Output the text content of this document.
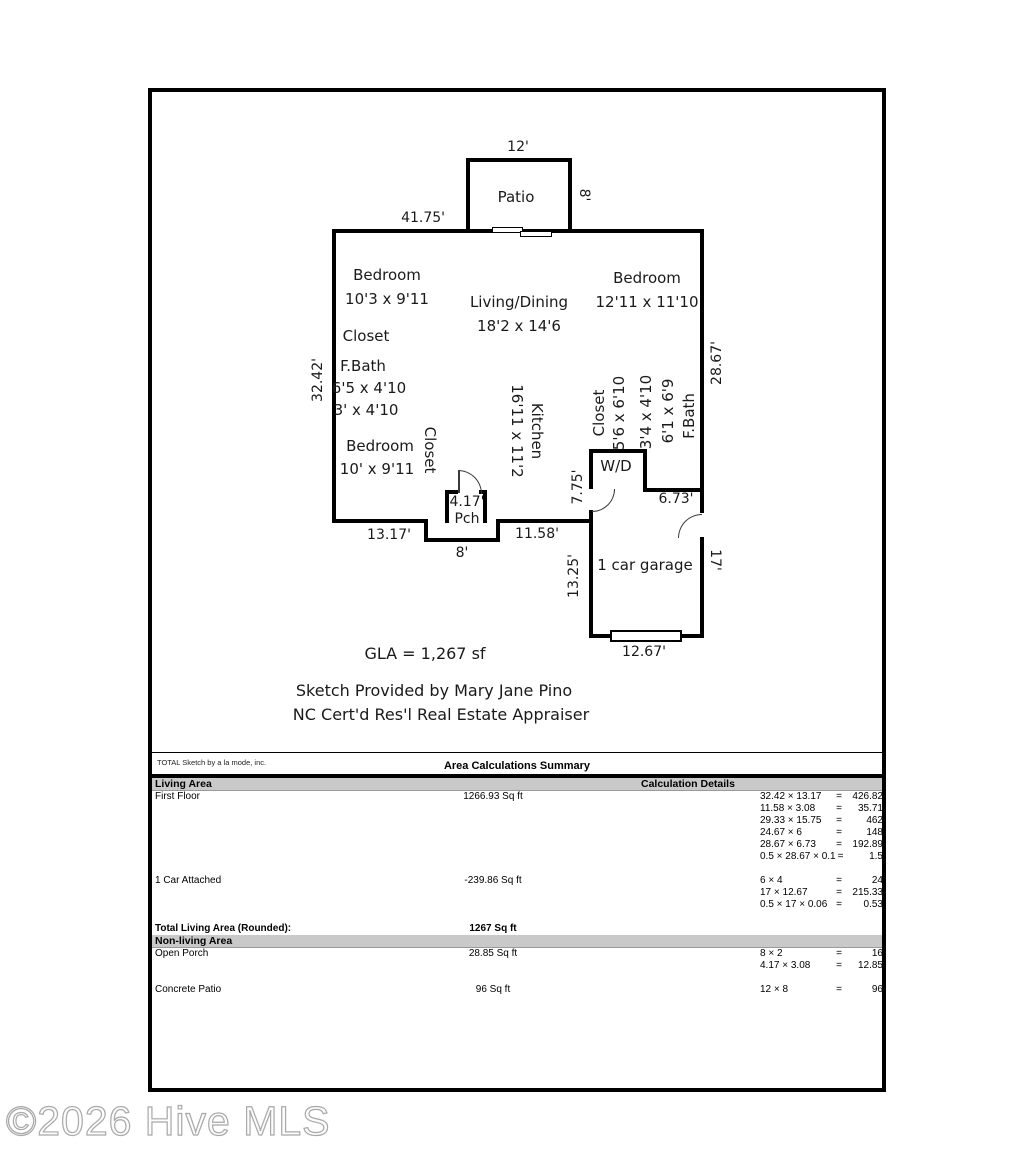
12'
Patio	8'
41.75'
32.42'	28.67'
Bedroom
10'3 x 9'11	Living/Dining
18'2 x 14'6
Bedroom
12'11 x 11'10
Closet
F.Bath
6'5 x 4'10
3' x 4'10
Bedroom
10' x 9'11 Closet	Kitchen
16'11 x 11'2	Closet 5'6 x 6'10 3'4 x 4'10 6'1 x 6'9 F.Bath
W/D
7.75'	6.73'
13.17'	11.58'
4.17'
Pch
8'
13.25'	17'
1 car garage
12.67'
GLA = 1,267 sf
Sketch Provided by Mary Jane Pino
NC Cert'd Res'l Real Estate Appraiser
TOTAL Sketch by a la mode, inc.	Area Calculations Summary
Living Area	Calculation Details
First Floor	1266.93 Sq ft	32.42 × 13.17	=	426.82
11.58 × 3.08	=	35.71
29.33 × 15.75	=	462
24.67 × 6	=	148
28.67 × 6.73	=	192.89
0.5 × 28.67 × 0.1 =	1.5
1 Car Attached	-239.86 Sq ft	6 × 4	=	24
17 × 12.67	=	215.33
0.5 × 17 × 0.06 =	0.53
Total Living Area (Rounded):	1267 Sq ft
Non-living Area
Open Porch	28.85 Sq ft	8 × 2	=	16
4.17 × 3.08	=	12.85
Concrete Patio	96 Sq ft	12 × 8	=	96
©2026 Hive MLS
